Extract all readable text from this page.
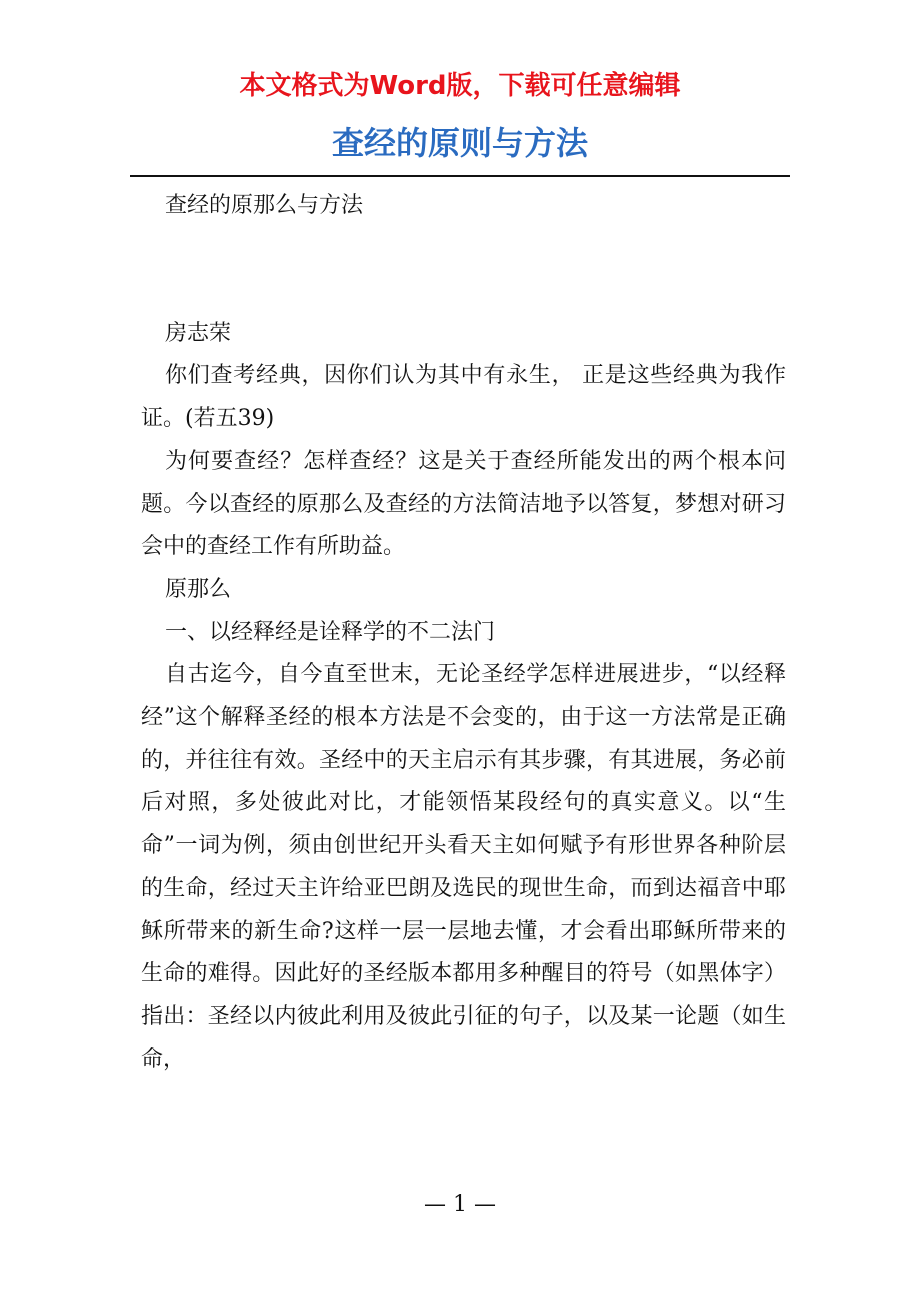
本文格式为Word版，下载可任意编辑
查经的原则与方法

查经的原那么与方法

房志荣

你们查考经典，因你们认为其中有永生， 正是这些经典为我作证。(若五39)

为何要查经？怎样查经？这是关于查经所能发出的两个根本问题。今以查经的原那么及查经的方法简洁地予以答复，梦想对研习会中的查经工作有所助益。

原那么

一、以经释经是诠释学的不二法门

自古迄今，自今直至世末，无论圣经学怎样进展进步，“以经释经”这个解释圣经的根本方法是不会变的，由于这一方法常是正确的，并往往有效。圣经中的天主启示有其步骤，有其进展，务必前后对照，多处彼此对比，才能领悟某段经句的真实意义。以“生命”一词为例，须由创世纪开头看天主如何赋予有形世界各种阶层的生命，经过天主许给亚巴朗及选民的现世生命，而到达福音中耶稣所带来的新生命?这样一层一层地去懂，才会看出耶稣所带来的生命的难得。因此好的圣经版本都用多种醒目的符号（如黑体字）指出：圣经以内彼此利用及彼此引征的句子，以及某一论题（如生命，

— 1 —
